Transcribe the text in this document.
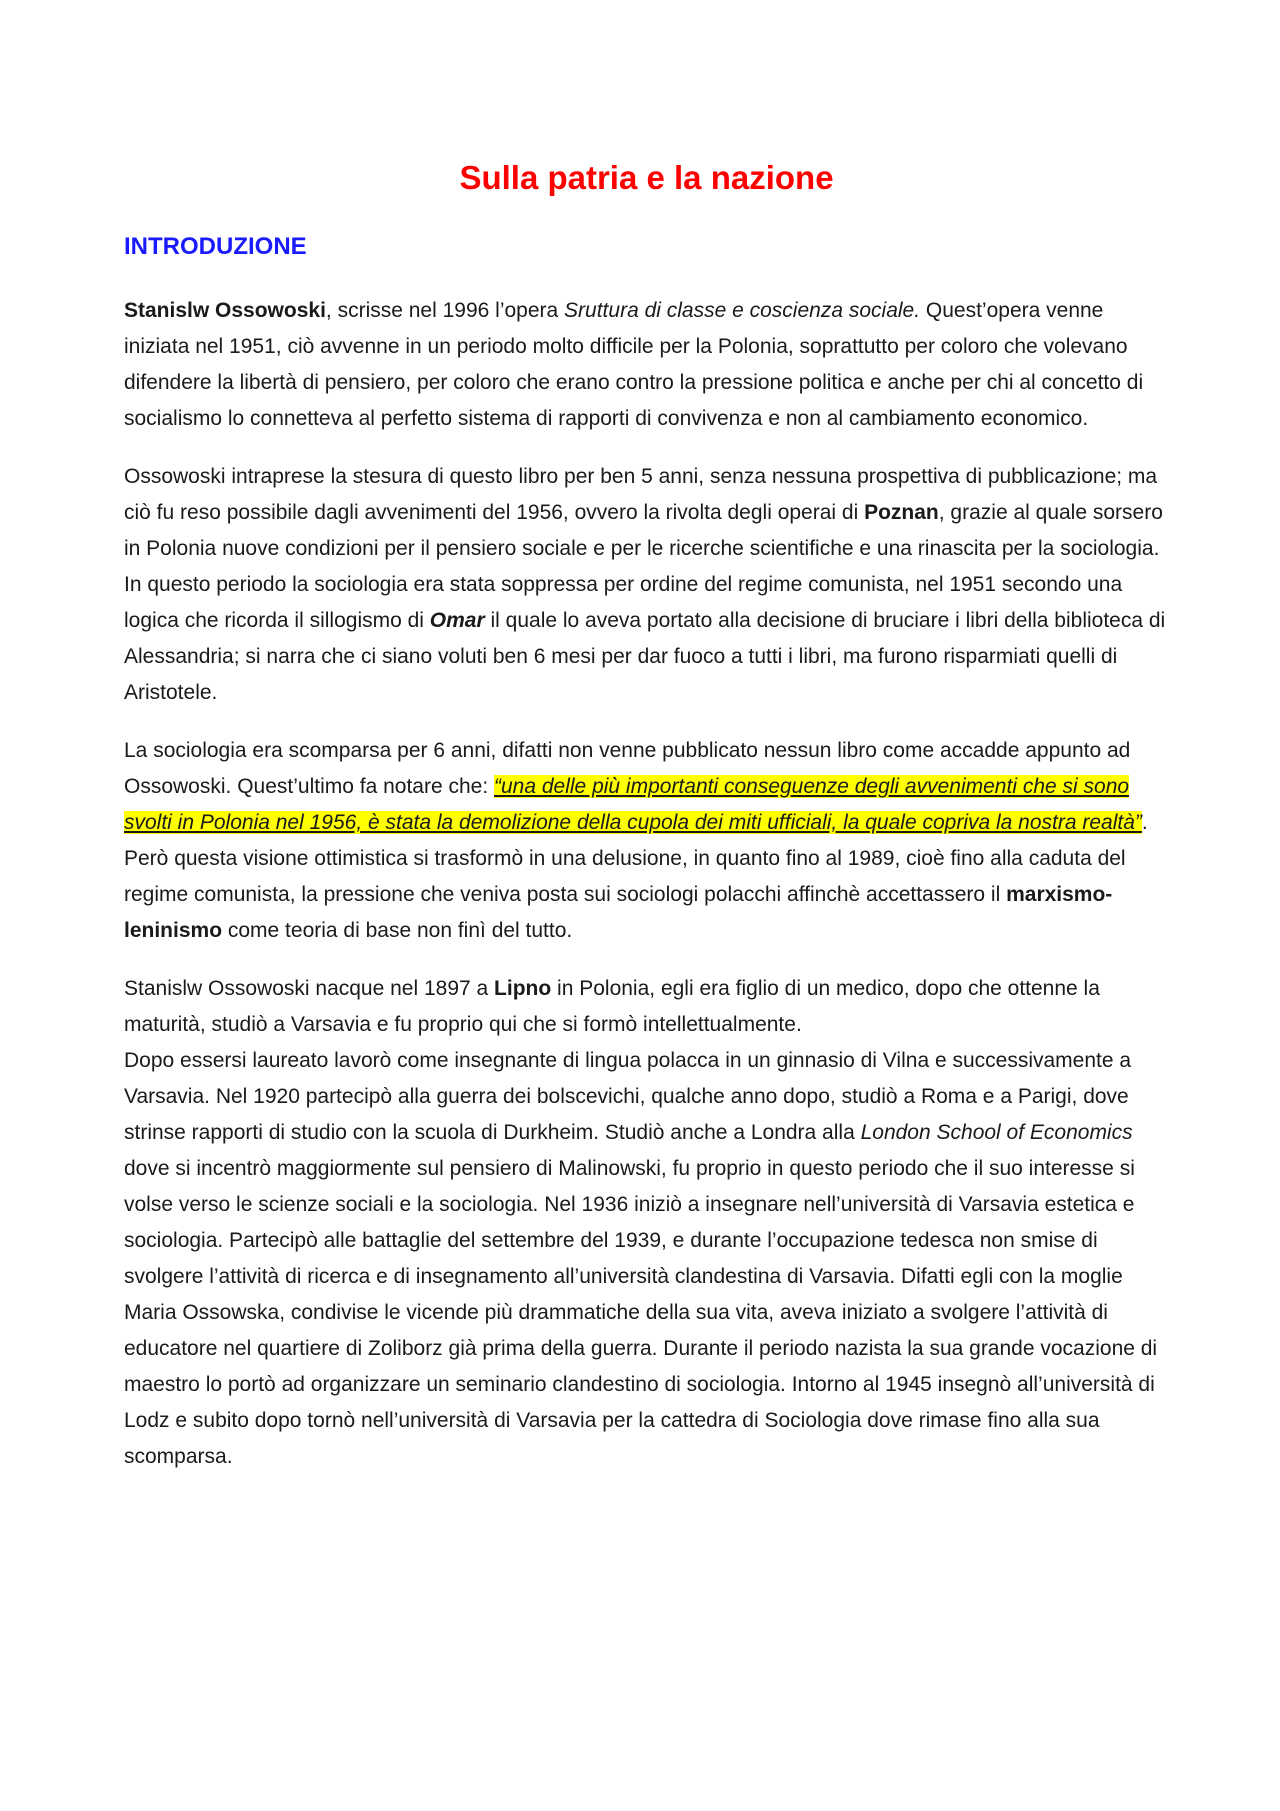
Sulla patria e la nazione
INTRODUZIONE

Stanislw Ossowoski, scrisse nel 1996 l’opera Sruttura di classe e coscienza sociale. Quest’opera venne iniziata nel 1951, ciò avvenne in un periodo molto difficile per la Polonia, soprattutto per coloro che volevano difendere la libertà di pensiero, per coloro che erano contro la pressione politica e anche per chi al concetto di socialismo lo connetteva al perfetto sistema di rapporti di convivenza e non al cambiamento economico.

Ossowoski intraprese la stesura di questo libro per ben 5 anni, senza nessuna prospettiva di pubblicazione; ma ciò fu reso possibile dagli avvenimenti del 1956, ovvero la rivolta degli operai di Poznan, grazie al quale sorsero in Polonia nuove condizioni per il pensiero sociale e per le ricerche scientifiche e una rinascita per la sociologia.

In questo periodo la sociologia era stata soppressa per ordine del regime comunista, nel 1951 secondo una logica che ricorda il sillogismo di Omar il quale lo aveva portato alla decisione di bruciare i libri della biblioteca di Alessandria; si narra che ci siano voluti ben 6 mesi per dar fuoco a tutti i libri, ma furono risparmiati quelli di Aristotele.

La sociologia era scomparsa per 6 anni, difatti non venne pubblicato nessun libro come accadde appunto ad Ossowoski. Quest’ultimo fa notare che: “una delle più importanti conseguenze degli avvenimenti che si sono svolti in Polonia nel 1956, è stata la demolizione della cupola dei miti ufficiali, la quale copriva la nostra realtà”. Però questa visione ottimistica si trasformò in una delusione, in quanto fino al 1989, cioè fino alla caduta del regime comunista, la pressione che veniva posta sui sociologi polacchi affinchè accettassero il marxismo-leninismo come teoria di base non finì del tutto.

Stanislw Ossowoski nacque nel 1897 a Lipno in Polonia, egli era figlio di un medico, dopo che ottenne la maturità, studiò a Varsavia e fu proprio qui che si formò intellettualmente.

Dopo essersi laureato lavorò come insegnante di lingua polacca in un ginnasio di Vilna e successivamente a Varsavia. Nel 1920 partecipò alla guerra dei bolscevichi, qualche anno dopo, studiò a Roma e a Parigi, dove strinse rapporti di studio con la scuola di Durkheim. Studiò anche a Londra alla London School of Economics dove si incentrò maggiormente sul pensiero di Malinowski, fu proprio in questo periodo che il suo interesse si volse verso le scienze sociali e la sociologia. Nel 1936 iniziò a insegnare nell’università di Varsavia estetica e sociologia. Partecipò alle battaglie del settembre del 1939, e durante l’occupazione tedesca non smise di svolgere l’attività di ricerca e di insegnamento all’università clandestina di Varsavia. Difatti egli con la moglie Maria Ossowska, condivise le vicende più drammatiche della sua vita, aveva iniziato a svolgere l’attività di educatore nel quartiere di Zoliborz già prima della guerra. Durante il periodo nazista la sua grande vocazione di maestro lo portò ad organizzare un seminario clandestino di sociologia. Intorno al 1945 insegnò all’università di Lodz e subito dopo tornò nell’università di Varsavia per la cattedra di Sociologia dove rimase fino alla sua scomparsa.
